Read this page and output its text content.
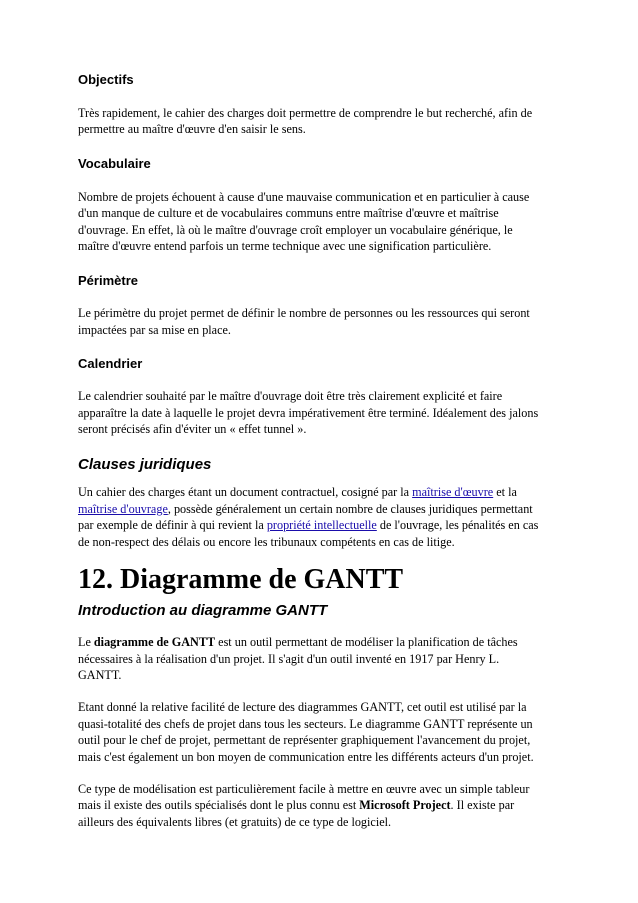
Objectifs

Très rapidement, le cahier des charges doit permettre de comprendre le but recherché, afin de
permettre au maître d'œuvre d'en saisir le sens.

Vocabulaire

Nombre de projets échouent à cause d'une mauvaise communication et en particulier à cause
d'un manque de culture et de vocabulaires communs entre maîtrise d'œuvre et maîtrise
d'ouvrage. En effet, là où le maître d'ouvrage croît employer un vocabulaire générique, le
maître d'œuvre entend parfois un terme technique avec une signification particulière.

Périmètre

Le périmètre du projet permet de définir le nombre de personnes ou les ressources qui seront
impactées par sa mise en place.

Calendrier

Le calendrier souhaité par le maître d'ouvrage doit être très clairement explicité et faire
apparaître la date à laquelle le projet devra impérativement être terminé. Idéalement des jalons
seront précisés afin d'éviter un « effet tunnel ».

Clauses juridiques

Un cahier des charges étant un document contractuel, cosigné par la maîtrise d'œuvre et la
maîtrise d'ouvrage, possède généralement un certain nombre de clauses juridiques permettant
par exemple de définir à qui revient la propriété intellectuelle de l'ouvrage, les pénalités en cas
de non-respect des délais ou encore les tribunaux compétents en cas de litige.

12. Diagramme de GANTT
Introduction au diagramme GANTT

Le diagramme de GANTT est un outil permettant de modéliser la planification de tâches
nécessaires à la réalisation d'un projet. Il s'agit d'un outil inventé en 1917 par Henry L.
GANTT.

Etant donné la relative facilité de lecture des diagrammes GANTT, cet outil est utilisé par la
quasi-totalité des chefs de projet dans tous les secteurs. Le diagramme GANTT représente un
outil pour le chef de projet, permettant de représenter graphiquement l'avancement du projet,
mais c'est également un bon moyen de communication entre les différents acteurs d'un projet.

Ce type de modélisation est particulièrement facile à mettre en œuvre avec un simple tableur
mais il existe des outils spécialisés dont le plus connu est Microsoft Project. Il existe par
ailleurs des équivalents libres (et gratuits) de ce type de logiciel.
